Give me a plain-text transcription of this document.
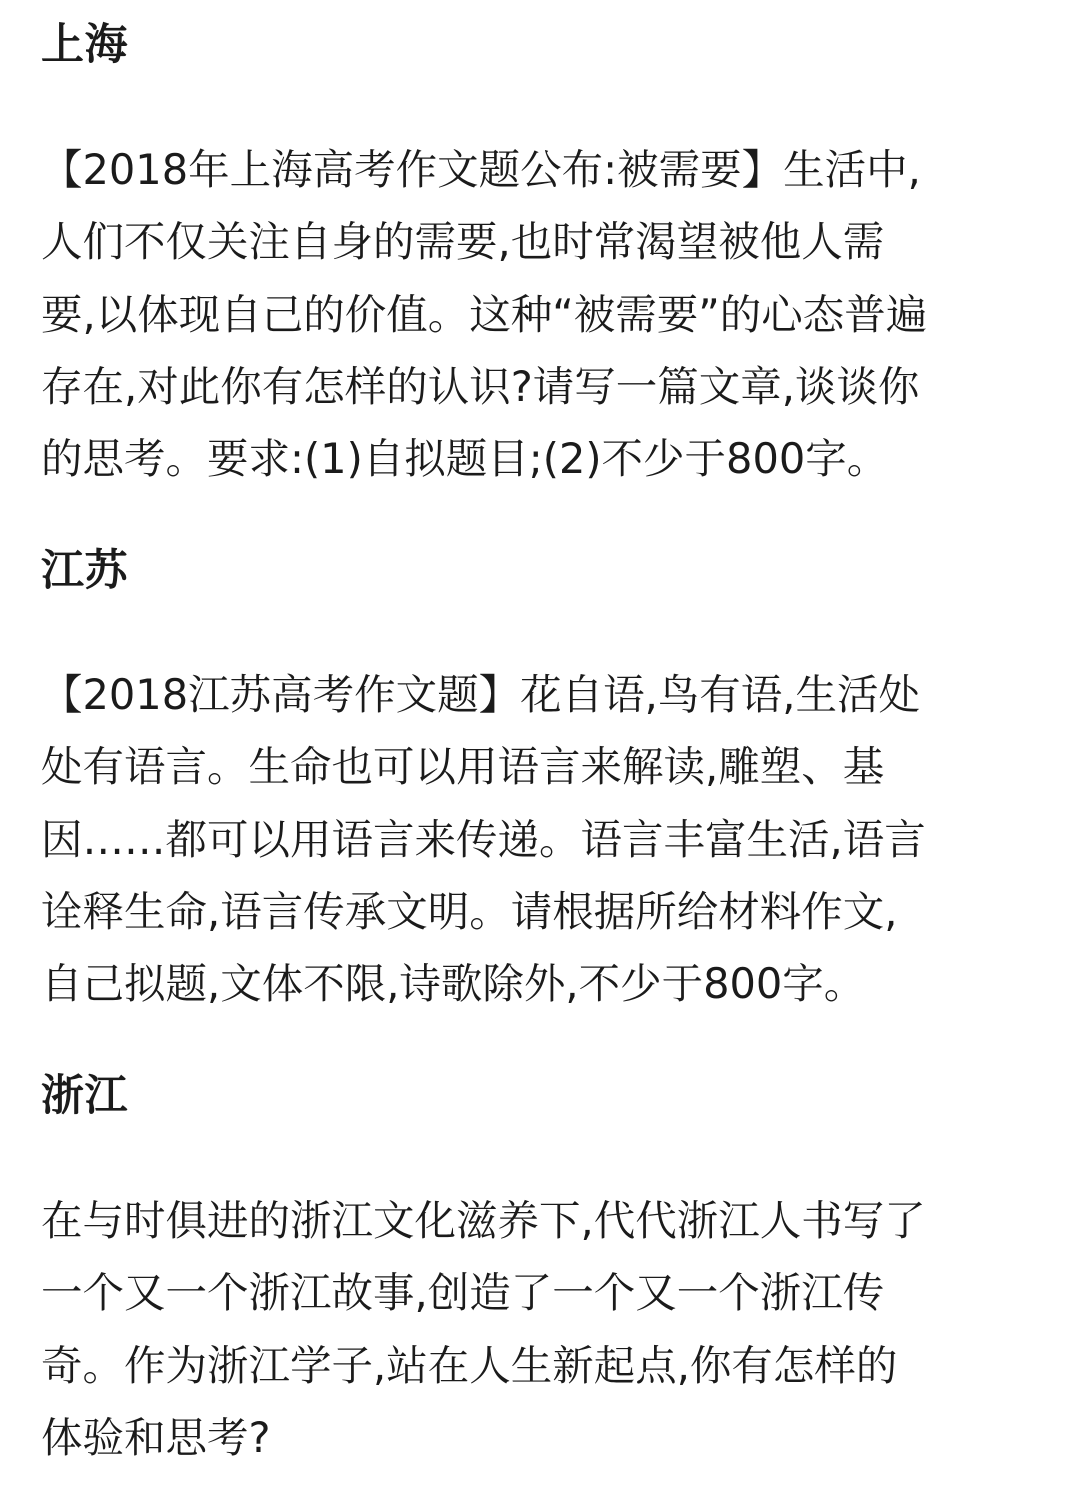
上海
【2018年上海高考作文题公布:被需要】生活中,
人们不仅关注自身的需要,也时常渴望被他人需
要,以体现自己的价值。这种“被需要”的心态普遍
存在,对此你有怎样的认识?请写一篇文章,谈谈你
的思考。要求:(1)自拟题目;(2)不少于800字。
江苏
【2018江苏高考作文题】花自语,鸟有语,生活处
处有语言。生命也可以用语言来解读,雕塑、基
因……都可以用语言来传递。语言丰富生活,语言
诠释生命,语言传承文明。请根据所给材料作文,
自己拟题,文体不限,诗歌除外,不少于800字。
浙江
在与时俱进的浙江文化滋养下,代代浙江人书写了
一个又一个浙江故事,创造了一个又一个浙江传
奇。作为浙江学子,站在人生新起点,你有怎样的
体验和思考?
